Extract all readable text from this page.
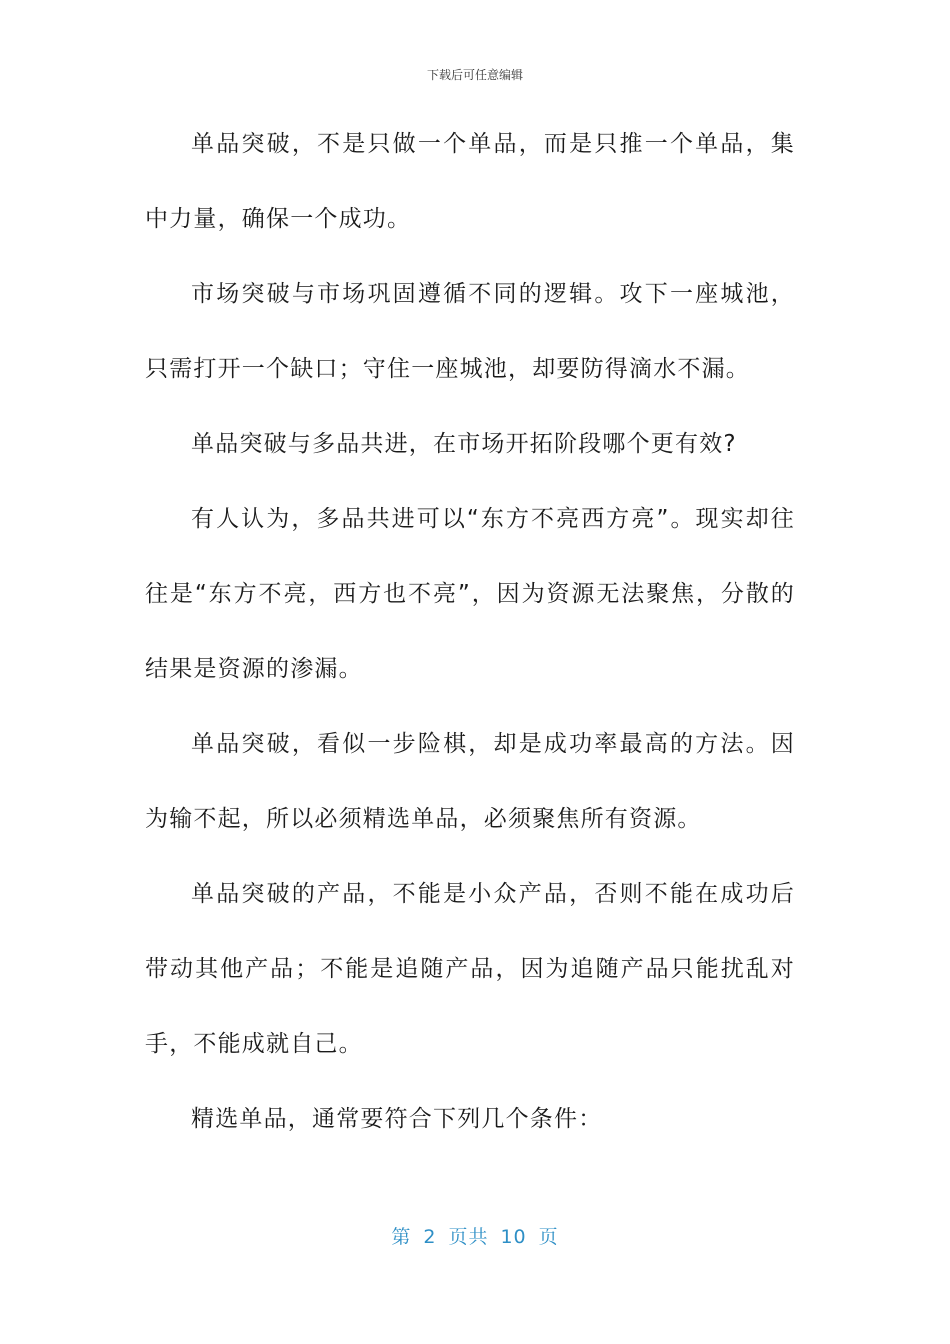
下载后可任意编辑

单品突破，不是只做一个单品，而是只推一个单品，集中力量，确保一个成功。

市场突破与市场巩固遵循不同的逻辑。攻下一座城池，只需打开一个缺口；守住一座城池，却要防得滴水不漏。

单品突破与多品共进，在市场开拓阶段哪个更有效?

有人认为，多品共进可以“东方不亮西方亮”。现实却往往是“东方不亮，西方也不亮”，因为资源无法聚焦，分散的结果是资源的渗漏。

单品突破，看似一步险棋，却是成功率最高的方法。因为输不起，所以必须精选单品，必须聚焦所有资源。

单品突破的产品，不能是小众产品，否则不能在成功后带动其他产品；不能是追随产品，因为追随产品只能扰乱对手，不能成就自己。

精选单品，通常要符合下列几个条件：

第 2 页共 10 页
